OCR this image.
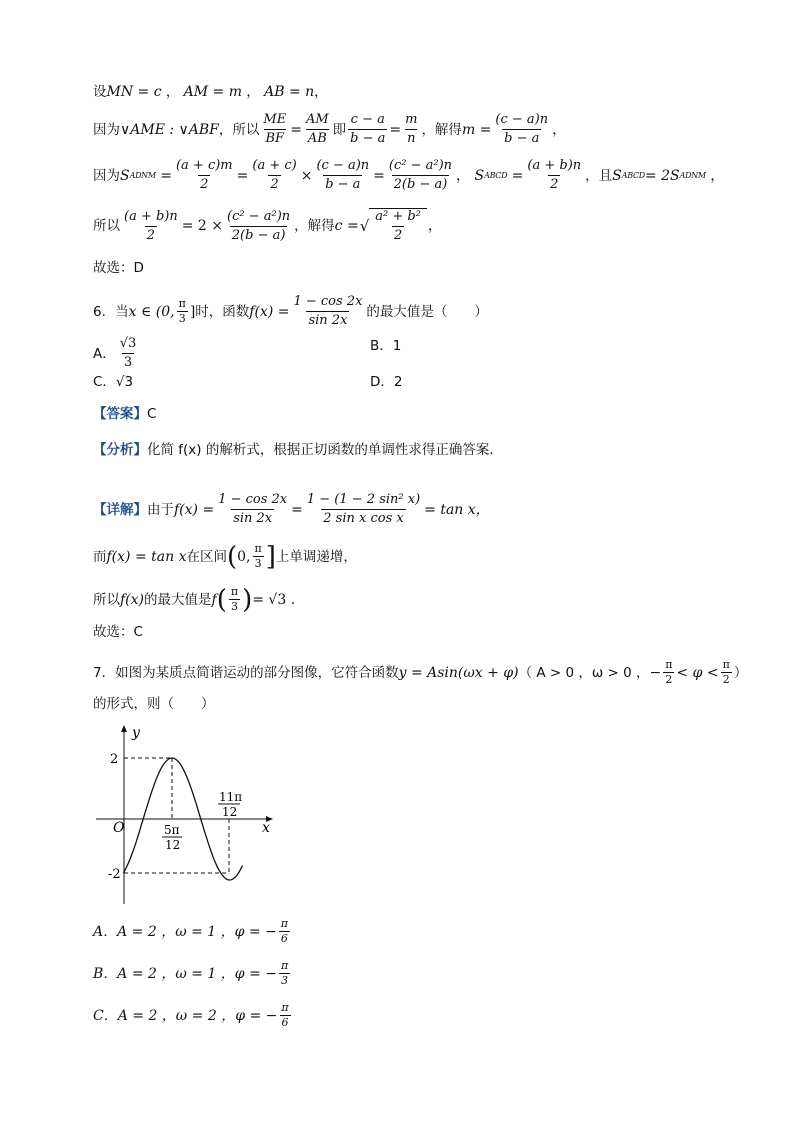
设 MN = c ， AM = m ， AB = n ，
因为 ∨AME : ∨ABF ，所以 $\frac{ME}{BF} = \frac{AM}{AB}$ 即 $\frac{c - a}{b - a} = \frac{m}{n}$ ，解得 $m = \frac{(c - a)n}{b - a}$ ，
因为 S ADNM = $\frac{(a + c)m}{2} = \frac{(a + c)}{2} \times \frac{(c - a)n}{b - a} = \frac{\text{(c² − a²)n}}{2(b - a)}$ ， S ABCD = $\frac{(a + b)n}{2}$ ，且 S ABCD = 2S ADNM ，
所以 $\frac{(a + b)n}{2} = 2 \times \frac{\text{(c² − a²)n}}{2(b - a)}$ ，解得 c = √ $\frac{\text{a² + b²}}{2}$ ，
故选：D
6．当 x ∈ (0, $\frac{\pi}{3}$ ] 时，函数 $f(x) = \frac{1 - \cos 2x}{\sin 2x}$ 的最大值是（　　）
A． $\frac{√3}{3}$	B．1
C．√3	D．2
【答案】 C
【分析】 化简 f(x) 的解析式，根据正切函数的单调性求得正确答案.
【详解】 由于 $f(x) = \frac{1 - \cos 2x}{\sin 2x} = \frac{\text{1 − (1 − 2 sin² x)}}{\text{2 sin x cos x}} = \tan x$，
而 f(x) = tan x 在区间 ( 0, $\frac{\pi}{3}$ ] 上单调递增，
所以 f(x) 的最大值是 f ( $\frac{\pi}{3}$ ) = √3 .
故选：C
7．如图为某质点简谐运动的部分图像，它符合函数 y = Asin(ωx + φ) （ A > 0 ，ω > 0 ， − $\frac{\pi}{2} < \varphi < \frac{\pi}{2}$ ）
的形式，则（　　）
y
x
O
2
-2
5π
12
11π
12
A．A = 2 ，ω = 1 ，φ = − $\frac{\pi}{6}$
B．A = 2 ，ω = 1 ，φ = − $\frac{\pi}{3}$
C．A = 2 ，ω = 2 ，φ = − $\frac{\pi}{6}$
